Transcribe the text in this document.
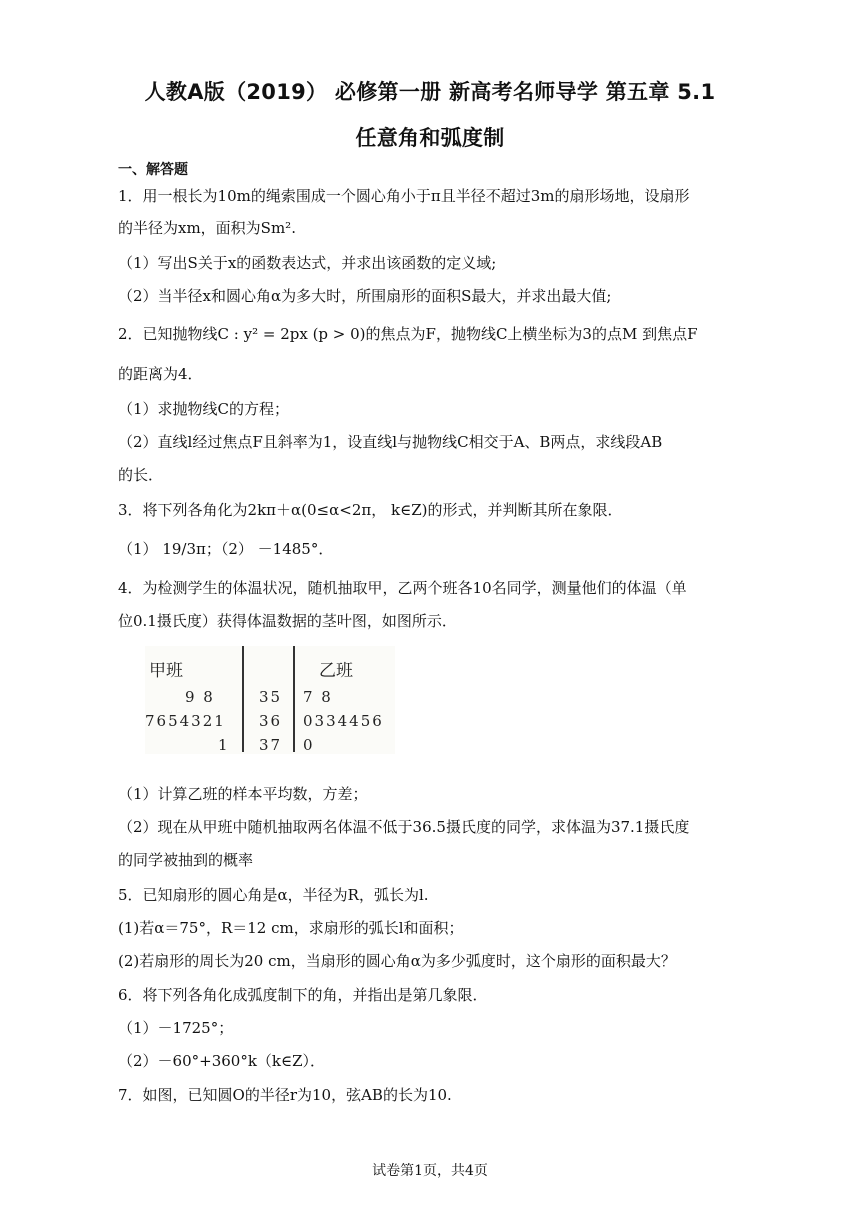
人教A版（2019） 必修第一册 新高考名师导学 第五章 5.1
任意角和弧度制
一、解答题
1．用一根长为10m的绳索围成一个圆心角小于π且半径不超过3m的扇形场地，设扇形
的半径为xm，面积为Sm².
（1）写出S关于x的函数表达式，并求出该函数的定义域;
（2）当半径x和圆心角α为多大时，所围扇形的面积S最大，并求出最大值;
2．已知抛物线C : y² = 2px (p > 0)的焦点为F，抛物线C上横坐标为3的点M 到焦点F
的距离为4．
（1）求抛物线C的方程；
（2）直线l经过焦点F且斜率为1，设直线l与抛物线C相交于A、B两点，求线段AB
的长．
3．将下列各角化为2kπ＋α(0≤α<2π， k∈Z)的形式，并判断其所在象限．
（1） 19/3π；（2） －1485°．
4．为检测学生的体温状况，随机抽取甲，乙两个班各10名同学，测量他们的体温（单
位0.1摄氏度）获得体温数据的茎叶图，如图所示．
甲班	乙班
9 8	35 7 8
7654321 36 0334456
1 37 0
（1）计算乙班的样本平均数，方差；
（2）现在从甲班中随机抽取两名体温不低于36.5摄氏度的同学，求体温为37.1摄氏度
的同学被抽到的概率
5．已知扇形的圆心角是α，半径为R，弧长为l.
(1)若α＝75°，R＝12 cm，求扇形的弧长l和面积；
(2)若扇形的周长为20 cm，当扇形的圆心角α为多少弧度时，这个扇形的面积最大？
6．将下列各角化成弧度制下的角，并指出是第几象限．
（1）－1725°；
（2）－60°+360°k（k∈Z）．
7．如图，已知圆O的半径r为10，弦AB的长为10.
试卷第1页，共4页
